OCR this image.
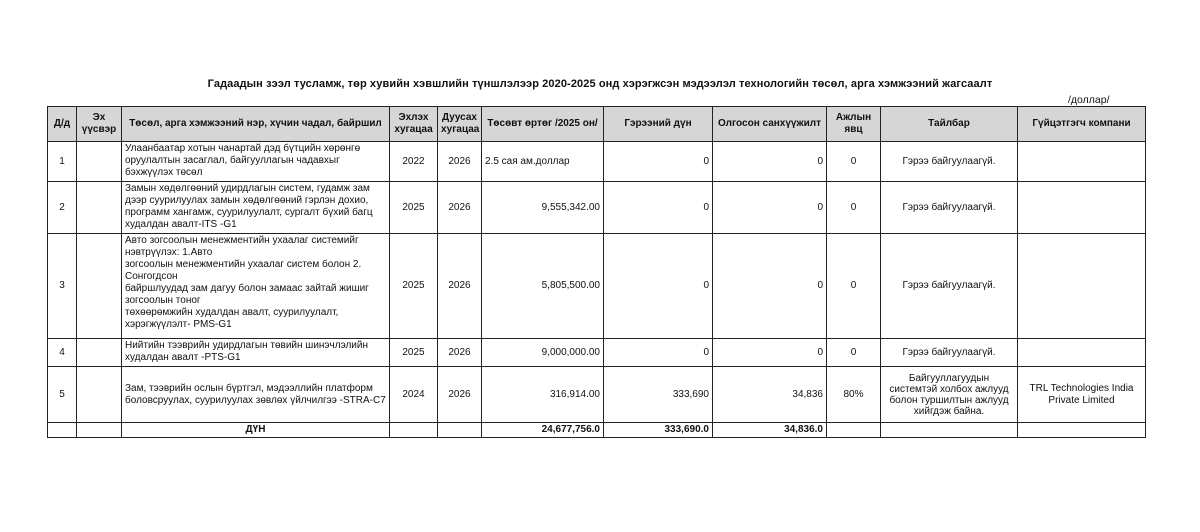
Гадаадын зээл тусламж, төр хувийн хэвшлийн түншлэлээр 2020-2025 онд хэрэгжсэн мэдээлэл технологийн төсөл, арга хэмжээний жагсаалт
/доллар/
Д/д	Эх үүсвэр	Төсөл, арга хэмжээний нэр, хүчин чадал, байршил	Эхлэх хугацаа	Дуусах хугацаа	Төсөвт өртөг /2025 он/	Гэрээний дүн	Олгосон санхүүжилт	Ажлын явц	Тайлбар	Гүйцэтгэгч компани
1		Улаанбаатар хотын чанартай дэд бүтцийн хөрөнгө оруулалтын засаглал, байгууллагын чадавхыг бэхжүүлэх төсөл	2022	2026	2.5 сая ам.доллар	0	0	0	Гэрээ байгуулаагүй.	
2		Замын хөдөлгөөний удирдлагын систем, гудамж зам дээр суурилуулах замын хөдөлгөөний гэрлэн дохио, программ хангамж, суурилуулалт, сургалт бүхий багц худалдан авалт-ITS -G1	2025	2026	9,555,342.00	0	0	0	Гэрээ байгуулаагүй.	
3		Авто зогсоолын менежментийн ухаалаг системийг нэвтрүүлэх: 1.Авто
зогсоолын менежментийн ухаалаг систем болон 2. Сонгогдсон
байршлуудад зам дагуу болон замаас зайтай жишиг зогсоолын тоног
төхөөрөмжийн худалдан авалт, суурилуулалт, хэрэгжүүлэлт- PMS-G1	2025	2026	5,805,500.00	0	0	0	Гэрээ байгуулаагүй.	
4		Нийтийн тээврийн удирдлагын төвийн шинэчлэлийн худалдан авалт -PTS-G1	2025	2026	9,000,000.00	0	0	0	Гэрээ байгуулаагүй.	
5		Зам, тээврийн ослын бүртгэл, мэдээллийн платформ боловсруулах, суурилуулах зөвлөх үйлчилгээ -STRA-C7	2024	2026	316,914.00	333,690	34,836	80%	Байгууллагуудын системтэй холбох ажлууд болон туршилтын ажлууд хийгдэж байна.	TRL Technologies India Private Limited
		ДҮН			24,677,756.0	333,690.0	34,836.0			
